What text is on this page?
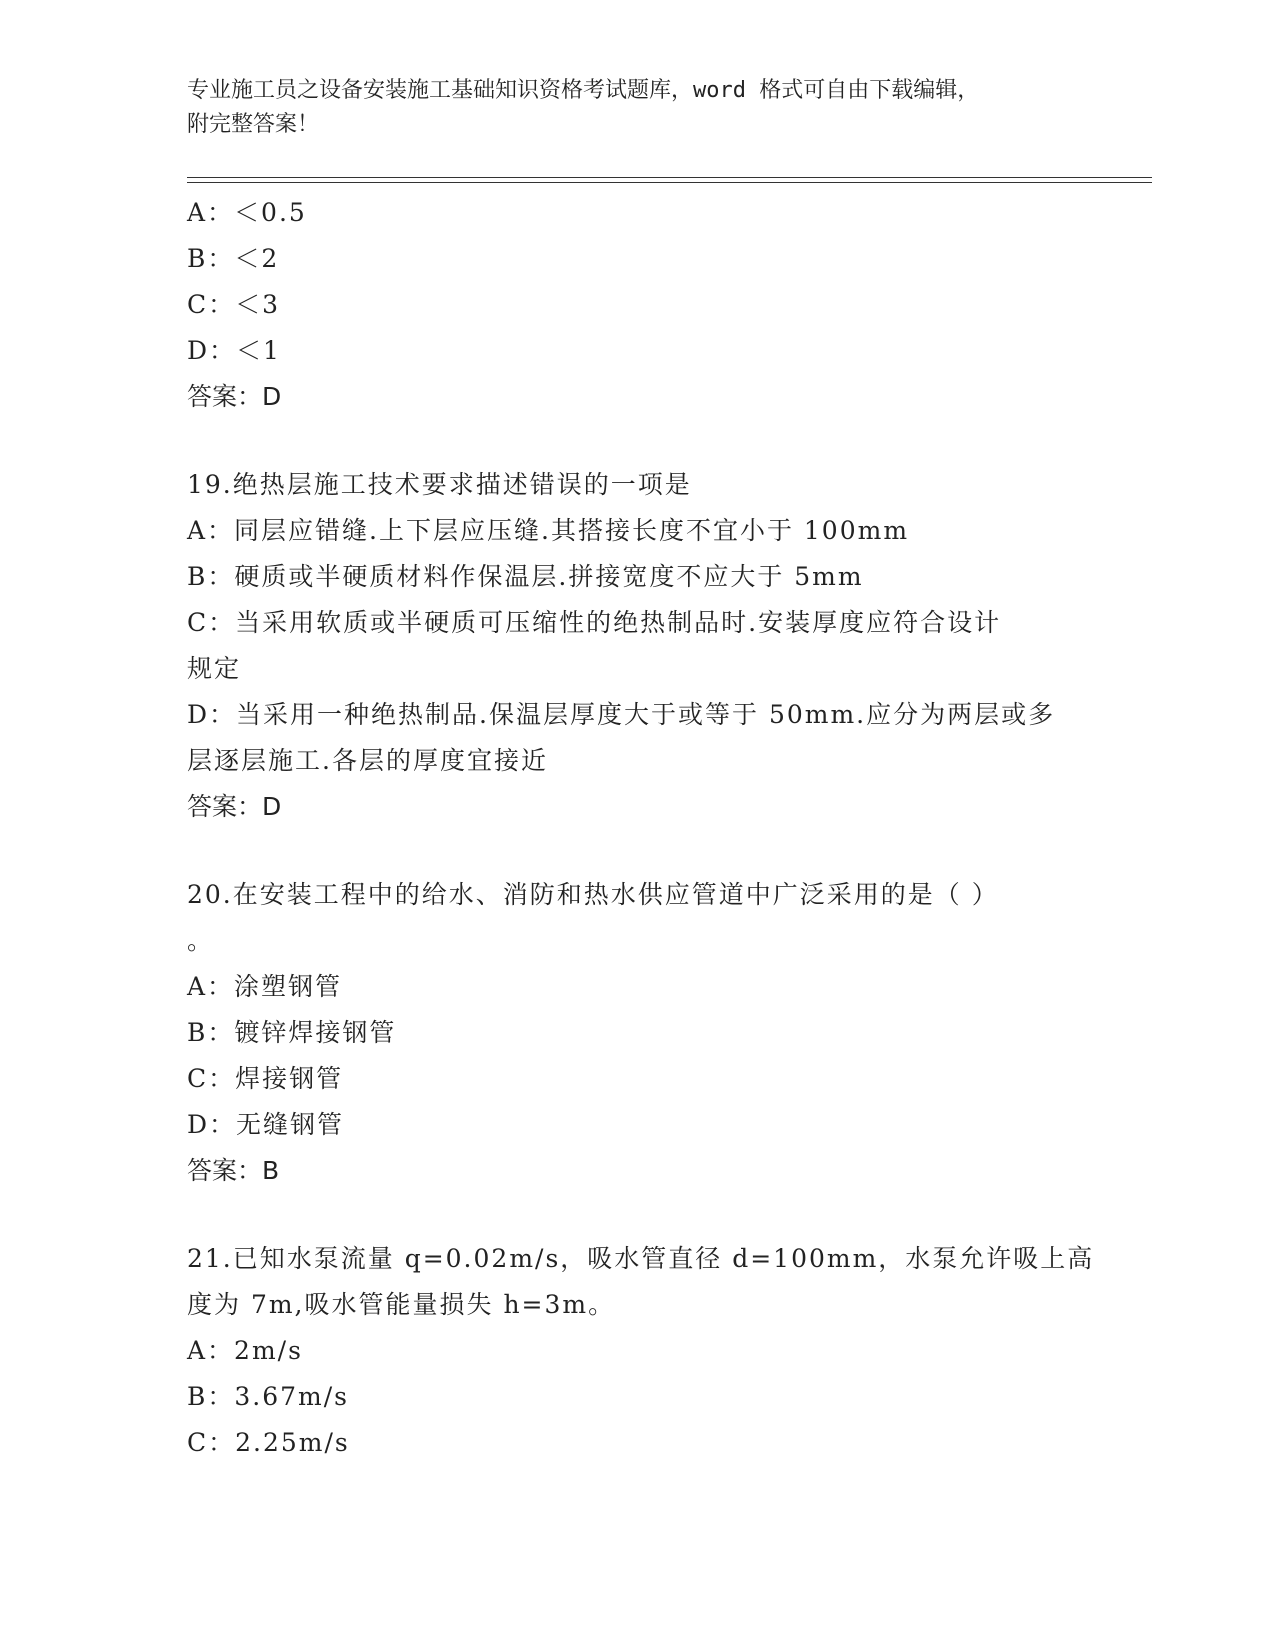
专业施工员之设备安装施工基础知识资格考试题库，word 格式可自由下载编辑，
附完整答案！
A：＜0.5
B：＜2
C：＜3
D：＜1
答案：D
19.绝热层施工技术要求描述错误的一项是
A：同层应错缝.上下层应压缝.其搭接长度不宜小于 100mm
B：硬质或半硬质材料作保温层.拼接宽度不应大于 5mm
C：当采用软质或半硬质可压缩性的绝热制品时.安装厚度应符合设计
规定
D：当采用一种绝热制品.保温层厚度大于或等于 50mm.应分为两层或多
层逐层施工.各层的厚度宜接近
答案：D
20.在安装工程中的给水、消防和热水供应管道中广泛采用的是（ ）
。
A：涂塑钢管
B：镀锌焊接钢管
C：焊接钢管
D：无缝钢管
答案：B
21.已知水泵流量 q=0.02m/s，吸水管直径 d=100mm，水泵允许吸上高
度为 7m,吸水管能量损失 h=3m。
A：2m/s
B：3.67m/s
C：2.25m/s
